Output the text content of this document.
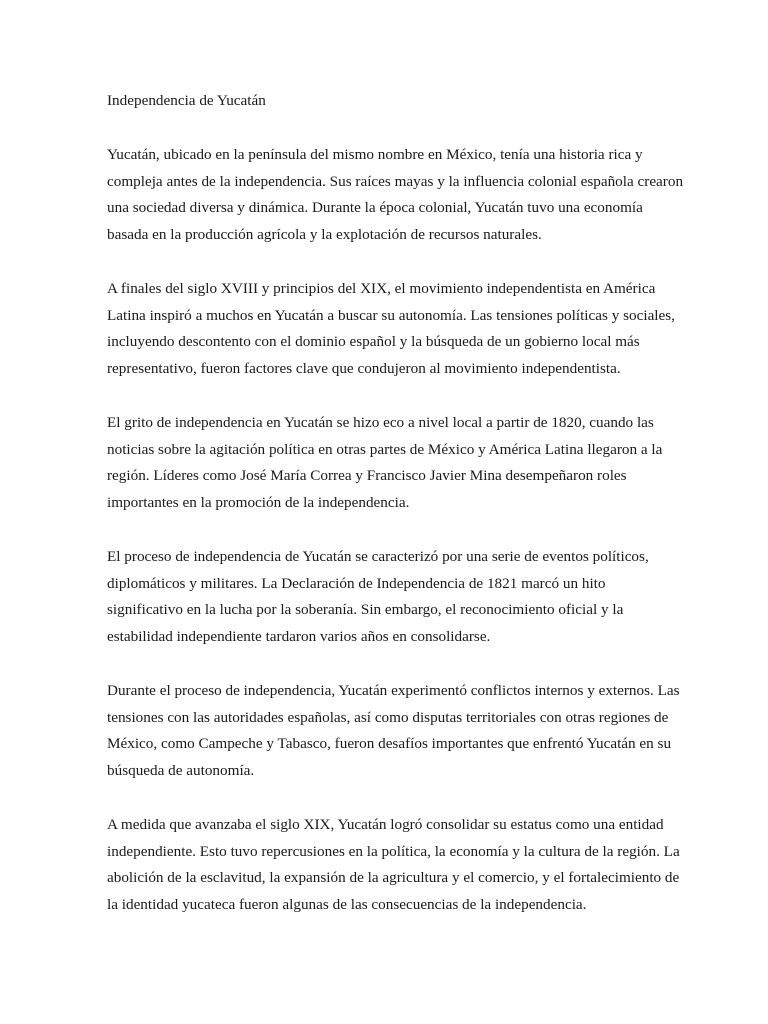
Independencia de Yucatán
Yucatán, ubicado en la península del mismo nombre en México, tenía una historia rica y
compleja antes de la independencia. Sus raíces mayas y la influencia colonial española crearon
una sociedad diversa y dinámica. Durante la época colonial, Yucatán tuvo una economía
basada en la producción agrícola y la explotación de recursos naturales.
A finales del siglo XVIII y principios del XIX, el movimiento independentista en América
Latina inspiró a muchos en Yucatán a buscar su autonomía. Las tensiones políticas y sociales,
incluyendo descontento con el dominio español y la búsqueda de un gobierno local más
representativo, fueron factores clave que condujeron al movimiento independentista.
El grito de independencia en Yucatán se hizo eco a nivel local a partir de 1820, cuando las
noticias sobre la agitación política en otras partes de México y América Latina llegaron a la
región. Líderes como José María Correa y Francisco Javier Mina desempeñaron roles
importantes en la promoción de la independencia.
El proceso de independencia de Yucatán se caracterizó por una serie de eventos políticos,
diplomáticos y militares. La Declaración de Independencia de 1821 marcó un hito
significativo en la lucha por la soberanía. Sin embargo, el reconocimiento oficial y la
estabilidad independiente tardaron varios años en consolidarse.
Durante el proceso de independencia, Yucatán experimentó conflictos internos y externos. Las
tensiones con las autoridades españolas, así como disputas territoriales con otras regiones de
México, como Campeche y Tabasco, fueron desafíos importantes que enfrentó Yucatán en su
búsqueda de autonomía.
A medida que avanzaba el siglo XIX, Yucatán logró consolidar su estatus como una entidad
independiente. Esto tuvo repercusiones en la política, la economía y la cultura de la región. La
abolición de la esclavitud, la expansión de la agricultura y el comercio, y el fortalecimiento de
la identidad yucateca fueron algunas de las consecuencias de la independencia.
